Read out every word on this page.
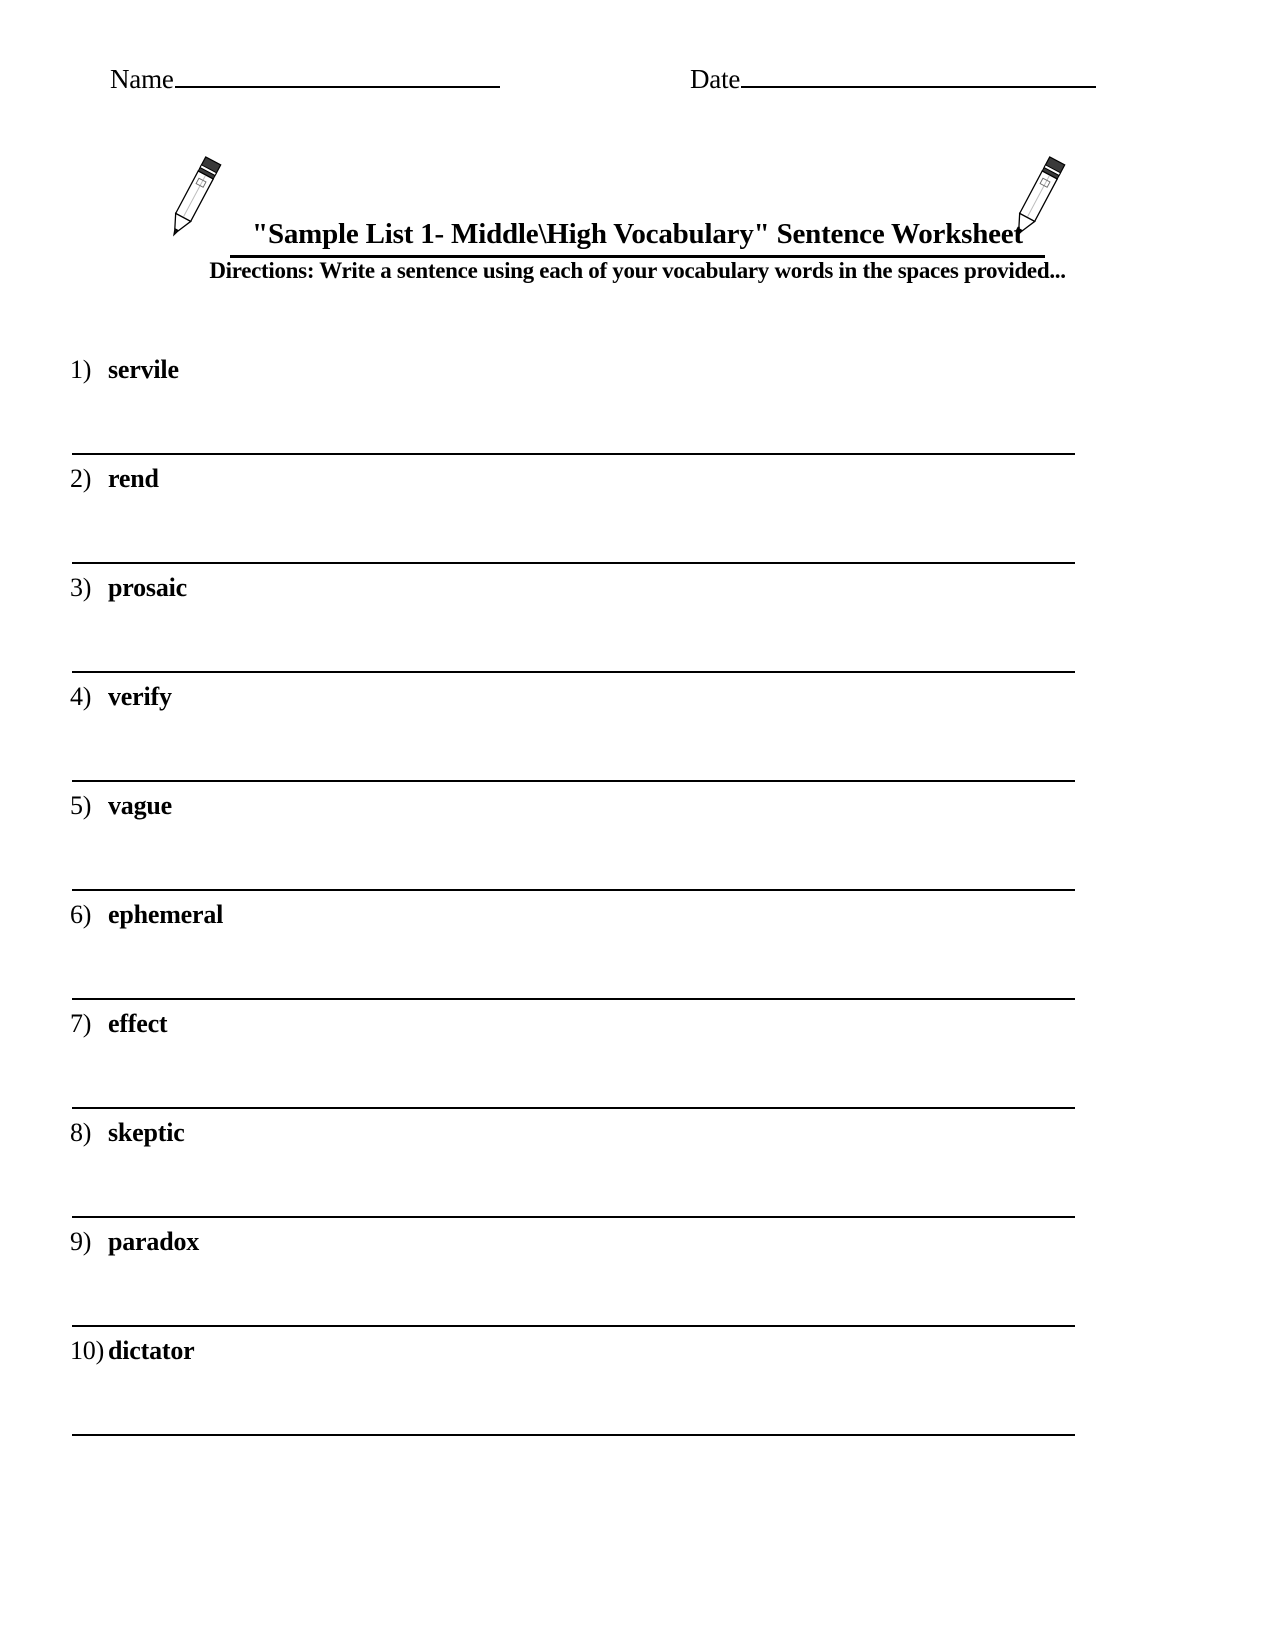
Name	Date
"Sample List 1- Middle\High Vocabulary" Sentence Worksheet
Directions: Write a sentence using each of your vocabulary words in the spaces provided...
1) servile
2) rend
3) prosaic
4) verify
5) vague
6) ephemeral
7) effect
8) skeptic
9) paradox
10) dictator
